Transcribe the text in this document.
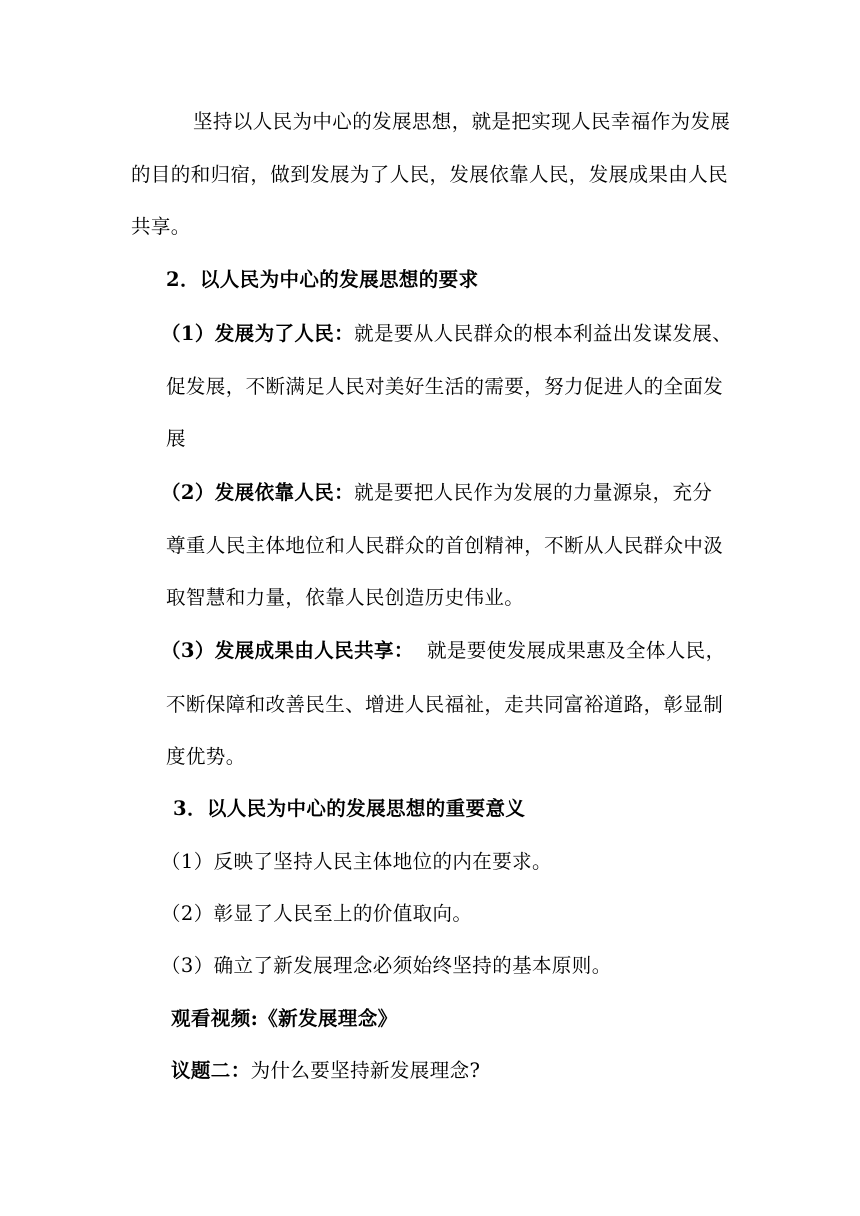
坚持以人民为中心的发展思想，就是把实现人民幸福作为发展
的目的和归宿，做到发展为了人民，发展依靠人民，发展成果由人民
共享。
2．以人民为中心的发展思想的要求
（1）发展为了人民：就是要从人民群众的根本利益出发谋发展、
促发展，不断满足人民对美好生活的需要，努力促进人的全面发
展
（2）发展依靠人民：就是要把人民作为发展的力量源泉，充分
尊重人民主体地位和人民群众的首创精神，不断从人民群众中汲
取智慧和力量，依靠人民创造历史伟业。
（3）发展成果由人民共享：  就是要使发展成果惠及全体人民，
不断保障和改善民生、增进人民福祉，走共同富裕道路，彰显制
度优势。
3．以人民为中心的发展思想的重要意义
（1）反映了坚持人民主体地位的内在要求。
（2）彰显了人民至上的价值取向。
（3）确立了新发展理念必须始终坚持的基本原则。
观看视频:《新发展理念》
议题二：为什么要坚持新发展理念?
